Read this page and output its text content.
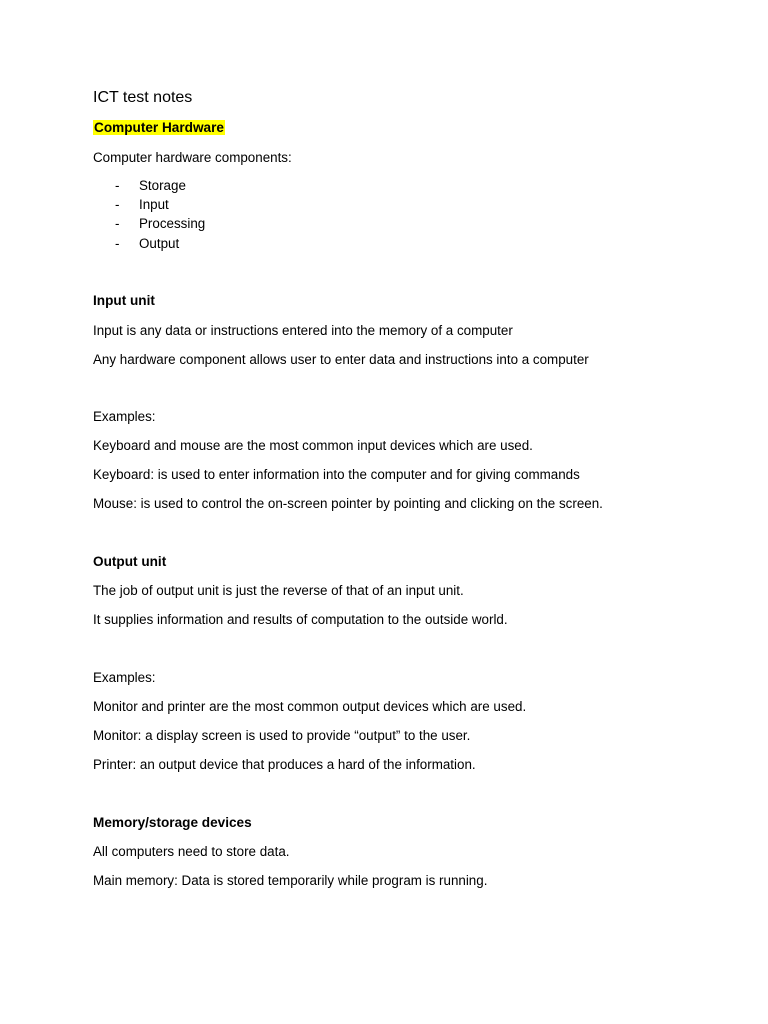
ICT test notes
Computer Hardware
Computer hardware components:
- Storage
- Input
- Processing
- Output
Input unit
Input is any data or instructions entered into the memory of a computer
Any hardware component allows user to enter data and instructions into a computer
Examples:
Keyboard and mouse are the most common input devices which are used.
Keyboard: is used to enter information into the computer and for giving commands
Mouse: is used to control the on-screen pointer by pointing and clicking on the screen.
Output unit
The job of output unit is just the reverse of that of an input unit.
It supplies information and results of computation to the outside world.
Examples:
Monitor and printer are the most common output devices which are used.
Monitor: a display screen is used to provide “output” to the user.
Printer: an output device that produces a hard of the information.
Memory/storage devices
All computers need to store data.
Main memory: Data is stored temporarily while program is running.
